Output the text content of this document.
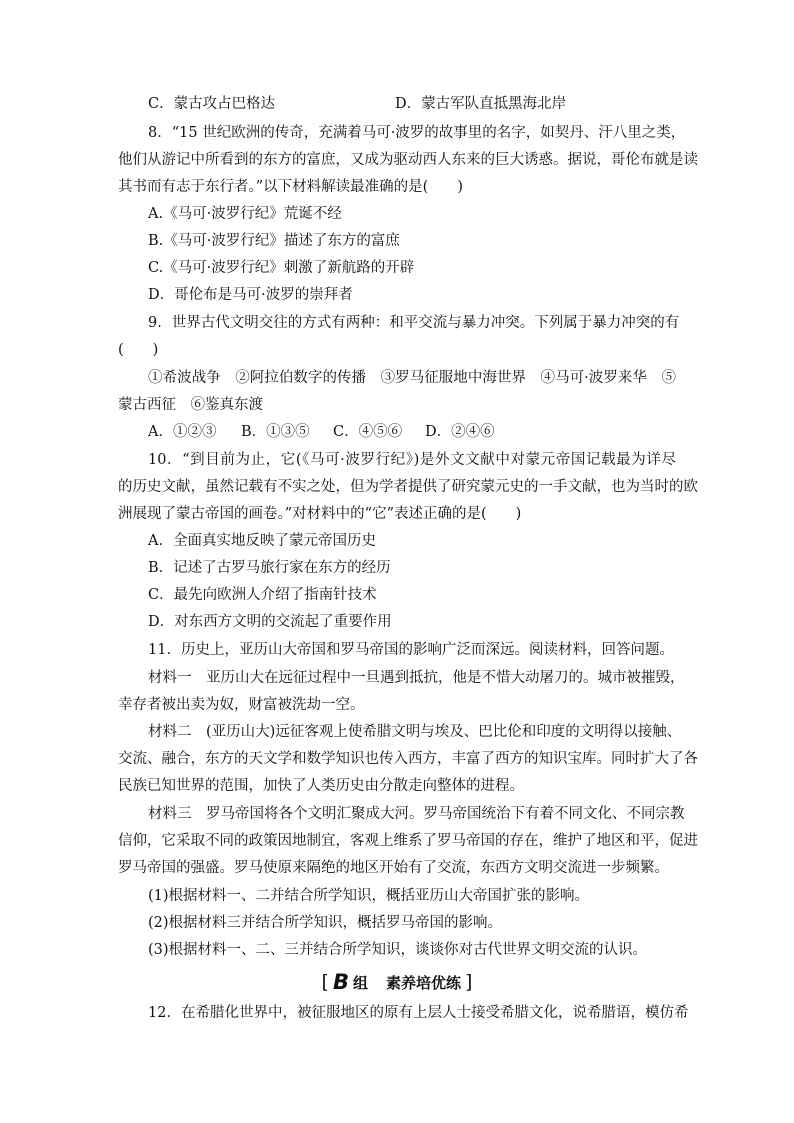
C．蒙古攻占巴格达	D．蒙古军队直抵黑海北岸
8．“15 世纪欧洲的传奇，充满着马可·波罗的故事里的名字，如契丹、汗八里之类，
他们从游记中所看到的东方的富庶，又成为驱动西人东来的巨大诱惑。据说，哥伦布就是读
其书而有志于东行者。”以下材料解读最准确的是(　　)
A.《马可·波罗行纪》荒诞不经
B.《马可·波罗行纪》描述了东方的富庶
C.《马可·波罗行纪》刺激了新航路的开辟
D．哥伦布是马可·波罗的崇拜者
9．世界古代文明交往的方式有两种：和平交流与暴力冲突。下列属于暴力冲突的有
(　　)
①希波战争　②阿拉伯数字的传播　③罗马征服地中海世界　④马可·波罗来华　⑤
蒙古西征　⑥鉴真东渡
A．①②③ B．①③⑤ C．④⑤⑥ D．②④⑥
10．“到目前为止，它(《马可·波罗行纪》)是外文文献中对蒙元帝国记载最为详尽
的历史文献，虽然记载有不实之处，但为学者提供了研究蒙元史的一手文献，也为当时的欧
洲展现了蒙古帝国的画卷。”对材料中的“它”表述正确的是(　　)
A．全面真实地反映了蒙元帝国历史
B．记述了古罗马旅行家在东方的经历
C．最先向欧洲人介绍了指南针技术
D．对东西方文明的交流起了重要作用
11．历史上，亚历山大帝国和罗马帝国的影响广泛而深远。阅读材料，回答问题。
材料一　亚历山大在远征过程中一旦遇到抵抗，他是不惜大动屠刀的。城市被摧毁，
幸存者被出卖为奴，财富被洗劫一空。
材料二　(亚历山大)远征客观上使希腊文明与埃及、巴比伦和印度的文明得以接触、
交流、融合，东方的天文学和数学知识也传入西方，丰富了西方的知识宝库。同时扩大了各
民族已知世界的范围，加快了人类历史由分散走向整体的进程。
材料三　罗马帝国将各个文明汇聚成大河。罗马帝国统治下有着不同文化、不同宗教
信仰，它采取不同的政策因地制宜，客观上维系了罗马帝国的存在，维护了地区和平，促进
罗马帝国的强盛。罗马使原来隔绝的地区开始有了交流，东西方文明交流进一步频繁。
(1)根据材料一、二并结合所学知识，概括亚历山大帝国扩张的影响。
(2)根据材料三并结合所学知识，概括罗马帝国的影响。
(3)根据材料一、二、三并结合所学知识，谈谈你对古代世界文明交流的认识。
[ B 组 素养培优练 ]
12．在希腊化世界中，被征服地区的原有上层人士接受希腊文化，说希腊语，模仿希
